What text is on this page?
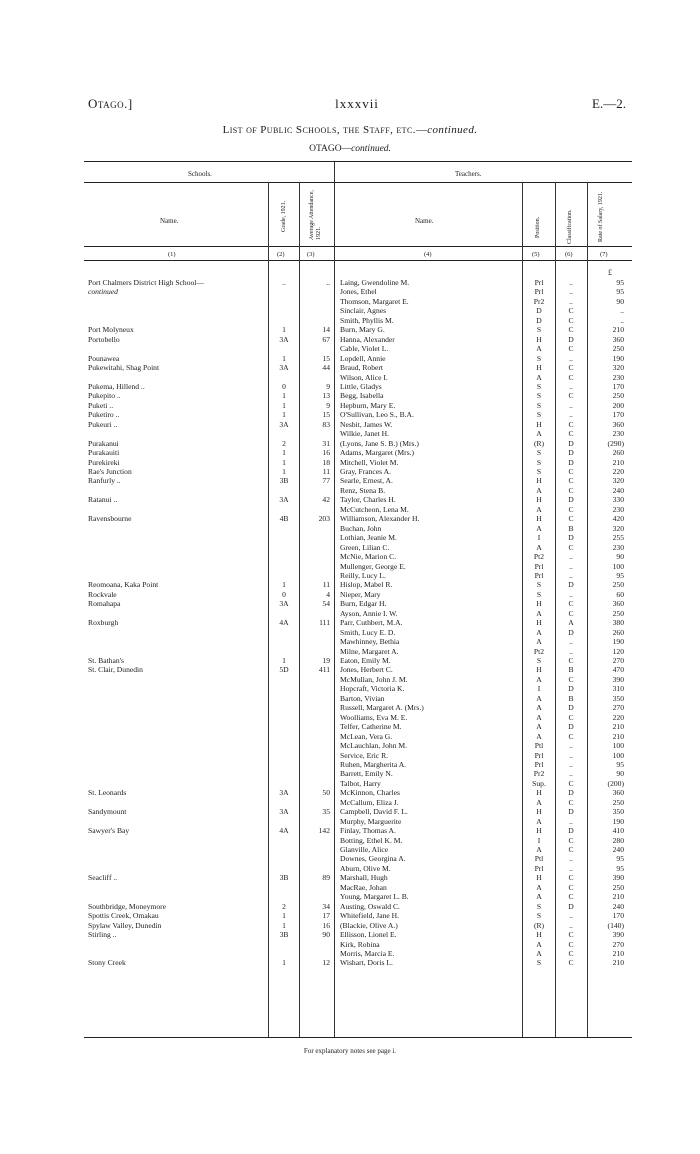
Otago.]	lxxxvii	E.—2.
List of Public Schools, the Staff, etc.—continued.
OTAGO—continued.
Schools.	Teachers.
Name.	Grade, 1921.	Average Attendance, 1921.
Name.	Position.	Classification.	Rate of Salary, 1921.
(1)	(2)	(3)	(4)	(5)	(6)	(7)
£
Port Chalmers District High School—	..	.. Laing, Gwendoline M.	Prl	..	95
continued	Jones, Ethel	Prl	..	95
Thomson, Margaret E.	Pr2	..	90
Sinclair, Agnes	D	C	..
Smith, Phyllis M.	D	C	..
Port Molyneux	1	14 Burn, Mary G.	S	C	210
Portobello	3A	67 Hanna, Alexander	H	D	360
Cable, Violet L.	A	C	250
Pounawea	1	15 Lopdell, Annie	S	..	190
Pukewitahi, Shag Point	3A	44 Braud, Robert	H	C	320
Wilson, Alice I.	A	C	230
Pukema, Hillend ..	0	9 Little, Gladys	S	..	170
Pukepito ..	1	13 Begg, Isabella	S	C	250
Puketi ..	1	9 Hepburn, Mary E.	S	..	200
Puketiro ..	1	15 O'Sullivan, Leo S., B.A.	S	..	170
Pukeuri ..	3A	83 Nesbit, James W.	H	C	360
Wilkie, Janet H.	A	C	230
Purakanui	2	31 (Lyons, Jane S. B.) (Mrs.)	(R)	D	(290)
Purakauiti	1	16 Adams, Margaret (Mrs.)	S	D	260
Purekireki	1	18 Mitchell, Violet M.	S	D	210
Rae's Junction	1	11 Gray, Frances A.	S	C	220
Ranfurly ..	3B	77 Searle, Ernest, A.	H	C	320
Renz, Stena B.	A	C	240
Ratanui ..	3A	42 Taylor, Charles H.	H	D	330
McCutcheon, Lena M.	A	C	230
Ravensbourne	4B	203 Williamson, Alexander H.	H	C	420
Buchan, John	A	B	320
Lothian, Jeanie M.	I	D	255
Green, Lilian C.	A	C	230
McNie, Marion C.	Pt2	..	90
Mullenger, George E.	Prl	..	100
Reilly, Lucy L.	Prl	..	95
Reomoana, Kaka Point	1	11 Hislop, Mabel R.	S	D	250
Rockvale	0	4 Nieper, Mary	S	..	60
Romahapa	3A	54 Burn, Edgar H.	H	C	360
Ayson, Annie I. W.	A	C	250
Roxburgh	4A	111 Parr, Cuthbert, M.A.	H	A	380
Smith, Lucy E. D.	A	D	260
Mawhinney, Bethia	A	..	190
Milne, Margaret A.	Pt2	..	120
St. Bathan's	1	19 Eaton, Emily M.	S	C	270
St. Clair, Dunedin	5D	411 Jones, Herbert C.	H	B	470
McMullan, John J. M.	A	C	390
Hopcraft, Victoria K.	I	D	310
Barton, Vivian	A	B	350
Russell, Margaret A. (Mrs.)	A	D	270
Woolliams, Eva M. E.	A	C	220
Telfer, Catherine M.	A	D	210
McLean, Vera G.	A	C	210
McLauchlan, John M.	Ptl	..	100
Service, Eric R.	Prl	..	100
Ruhen, Margherita A.	Prl	..	95
Barrett, Emily N.	Pr2	..	90
Talbot, Harry	Sup.	C	(200)
St. Leonards	3A	50 McKinnon, Charles	H	D	360
McCallum, Eliza J.	A	C	250
Sandymount	3A	35 Campbell, David F. L.	H	D	350
Murphy, Marguerite	A	..	190
Sawyer's Bay	4A	142 Finlay, Thomas A.	H	D	410
Botting, Ethel K. M.	I	C	280
Glanville, Alice	A	C	240
Downes, Georgina A.	Ptl	..	95
Aburn, Olive M.	Prl	..	95
Seacliff ..	3B	89 Marshall, Hugh	H	C	390
MacRae, Johan	A	C	250
Young, Margaret L. B.	A	C	210
Southbridge, Moneymore	2	34 Austing, Oswald C.	S	D	240
Spottis Creek, Omakau	1	17 Whitefield, Jane H.	S	..	170
Spylaw Valley, Dunedin	1	16 (Blackie, Olive A.)	(R)	..	(140)
Stirling ..	3B	90 Ellisson, Lionel E.	H	C	390
Kirk, Robina	A	C	270
Morris, Marcia E.	A	C	210
Stony Creek	1	12 Wishart, Doris L.	S	C	210
For explanatory notes see page i.
